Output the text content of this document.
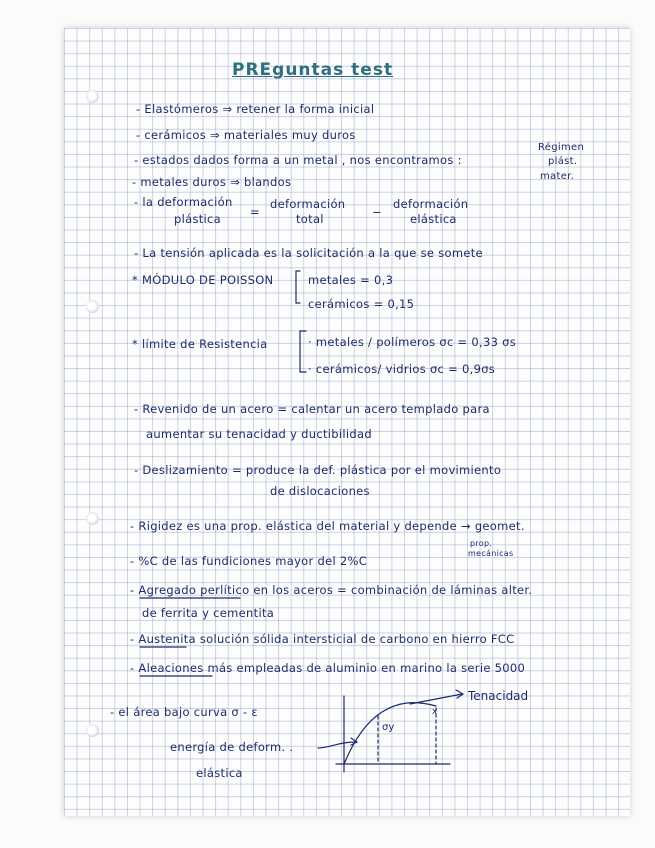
PREguntas test
- Elastómeros ⇒ retener la forma inicial
- cerámicos ⇒ materiales muy duros
- estados dados forma a un metal , nos encontramos :
Régimen
plást.
mater.
- metales duros ⇒ blandos
- la deformación
plástica	=
deformación
total	−
deformación
elástica
- La tensión aplicada es la solicitación a la que se somete
* MÓDULO DE POISSON	metales = 0,3
cerámicos = 0,15
* límite de Resistencia	· metales / polímeros σc = 0,33 σs
· cerámicos/ vidrios σc = 0,9σs
- Revenido de un acero = calentar un acero templado para
aumentar su tenacidad y ductibilidad
- Deslizamiento = produce la def. plástica por el movimiento
de dislocaciones
- Rigidez es una prop. elástica del material y depende → geomet.
prop.
mecánicas
- %C de las fundiciones mayor del 2%C
- Agregado perlítico en los aceros = combinación de láminas alter.
de ferrita y cementita
- Austenita solución sólida intersticial de carbono en hierro FCC
- Aleaciones más empleadas de aluminio en marino la serie 5000
- el área bajo curva σ - ε
energía de deform. .
elástica
Tenacidad
σy
x
